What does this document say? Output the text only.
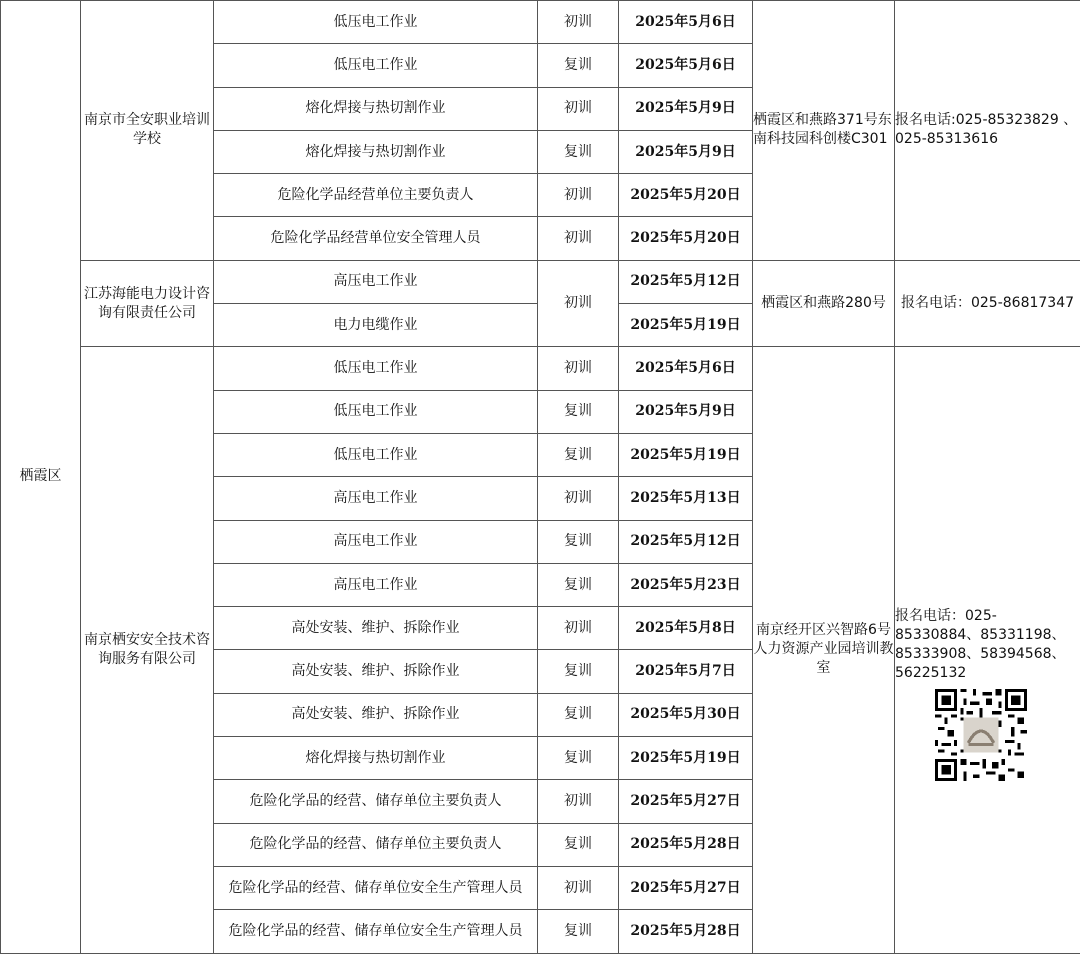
栖霞区	南京市全安职业培训学校	低压电工作业	初训	2025年5月6日	栖霞区和燕路371号东南科技园科创楼C301	报名电话:025-85323829 、025-85313616
		低压电工作业	复训	2025年5月6日		
		熔化焊接与热切割作业	初训	2025年5月9日		
		熔化焊接与热切割作业	复训	2025年5月9日		
		危险化学品经营单位主要负责人	初训	2025年5月20日		
		危险化学品经营单位安全管理人员	初训	2025年5月20日		
	江苏海能电力设计咨询有限责任公司	高压电工作业	初训	2025年5月12日	栖霞区和燕路280号	报名电话：025-86817347
		电力电缆作业		2025年5月19日		
	南京栖安安全技术咨询服务有限公司	低压电工作业	初训	2025年5月6日	南京经开区兴智路6号人力资源产业园培训教室	报名电话：025-85330884、85331198、85333908、58394568、56225132

		低压电工作业	复训	2025年5月9日		
		低压电工作业	复训	2025年5月19日		
		高压电工作业	初训	2025年5月13日		
		高压电工作业	复训	2025年5月12日		
		高压电工作业	复训	2025年5月23日		
		高处安装、维护、拆除作业	初训	2025年5月8日		
		高处安装、维护、拆除作业	复训	2025年5月7日		
		高处安装、维护、拆除作业	复训	2025年5月30日		
		熔化焊接与热切割作业	复训	2025年5月19日		
		危险化学品的经营、储存单位主要负责人	初训	2025年5月27日		
		危险化学品的经营、储存单位主要负责人	复训	2025年5月28日		
		危险化学品的经营、储存单位安全生产管理人员	初训	2025年5月27日		
		危险化学品的经营、储存单位安全生产管理人员	复训	2025年5月28日		
